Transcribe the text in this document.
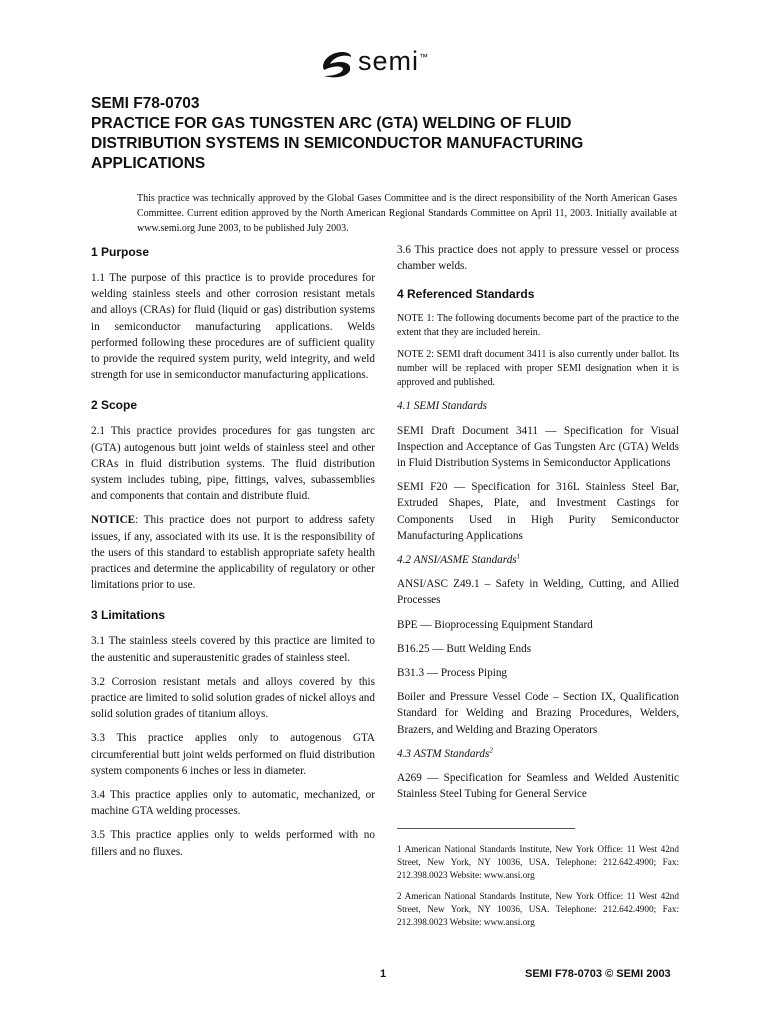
semi™
SEMI F78-0703
PRACTICE FOR GAS TUNGSTEN ARC (GTA) WELDING OF FLUID
DISTRIBUTION SYSTEMS IN SEMICONDUCTOR MANUFACTURING
APPLICATIONS
This practice was technically approved by the Global Gases Committee and is the direct responsibility of the North American Gases Committee. Current edition approved by the North American Regional Standards Committee on April 11, 2003. Initially available at www.semi.org June 2003, to be published July 2003.
1 Purpose

1.1 The purpose of this practice is to provide procedures for welding stainless steels and other corrosion resistant metals and alloys (CRAs) for fluid (liquid or gas) distribution systems in semiconductor manufacturing applications. Welds performed following these procedures are of sufficient quality to provide the required system purity, weld integrity, and weld strength for use in semiconductor manufacturing applications.

2 Scope

2.1 This practice provides procedures for gas tungsten arc (GTA) autogenous butt joint welds of stainless steel and other CRAs in fluid distribution systems. The fluid distribution system includes tubing, pipe, fittings, valves, subassemblies and components that contain and distribute fluid.

NOTICE: This practice does not purport to address safety issues, if any, associated with its use. It is the responsibility of the users of this standard to establish appropriate safety health practices and determine the applicability of regulatory or other limitations prior to use.

3 Limitations

3.1 The stainless steels covered by this practice are limited to the austenitic and superaustenitic grades of stainless steel.

3.2 Corrosion resistant metals and alloys covered by this practice are limited to solid solution grades of nickel alloys and solid solution grades of titanium alloys.

3.3 This practice applies only to autogenous GTA circumferential butt joint welds performed on fluid distribution system components 6 inches or less in diameter.

3.4 This practice applies only to automatic, mechanized, or machine GTA welding processes.

3.5 This practice applies only to welds performed with no fillers and no fluxes.

3.6 This practice does not apply to pressure vessel or process chamber welds.

4 Referenced Standards

NOTE 1: The following documents become part of the practice to the extent that they are included herein.

NOTE 2: SEMI draft document 3411 is also currently under ballot. Its number will be replaced with proper SEMI designation when it is approved and published.

4.1 SEMI Standards

SEMI Draft Document 3411 — Specification for Visual Inspection and Acceptance of Gas Tungsten Arc (GTA) Welds in Fluid Distribution Systems in Semiconductor Applications

SEMI F20 — Specification for 316L Stainless Steel Bar, Extruded Shapes, Plate, and Investment Castings for Components Used in High Purity Semiconductor Manufacturing Applications

4.2 ANSI/ASME Standards$^1$

ANSI/ASC Z49.1 – Safety in Welding, Cutting, and Allied Processes

BPE — Bioprocessing Equipment Standard

B16.25 — Butt Welding Ends

B31.3 — Process Piping

Boiler and Pressure Vessel Code – Section IX, Qualification Standard for Welding and Brazing Procedures, Welders, Brazers, and Welding and Brazing Operators

4.3 ASTM Standards$^2$

A269 — Specification for Seamless and Welded Austenitic Stainless Steel Tubing for General Service

1 American National Standards Institute, New York Office: 11 West 42nd Street, New York, NY 10036, USA. Telephone: 212.642.4900; Fax: 212.398.0023 Website: www.ansi.org

2 American National Standards Institute, New York Office: 11 West 42nd Street, New York, NY 10036, USA. Telephone: 212.642.4900; Fax: 212.398.0023 Website: www.ansi.org

1	SEMI F78-0703 © SEMI 2003
